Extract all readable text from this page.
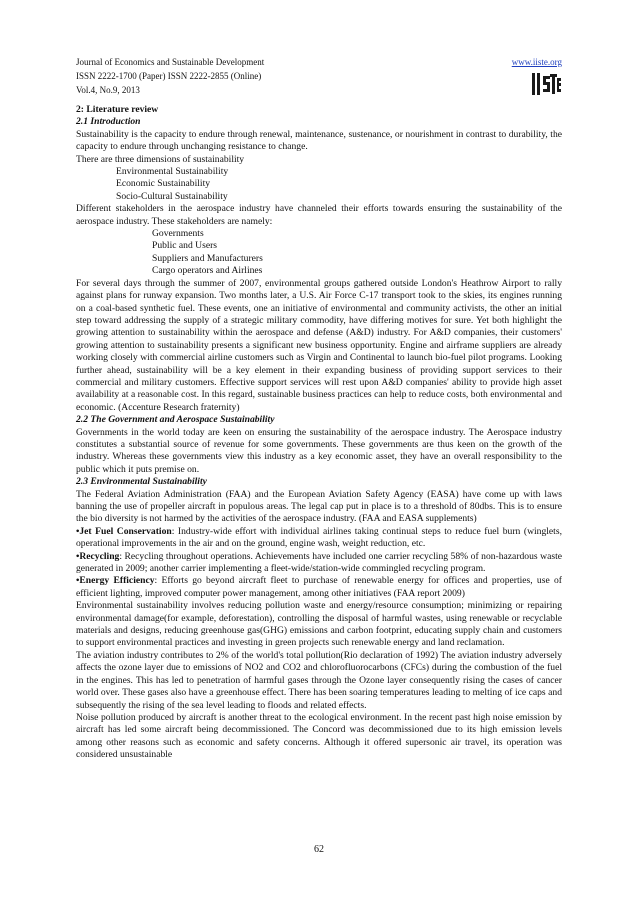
Journal of Economics and Sustainable Development
ISSN 2222-1700 (Paper) ISSN 2222-2855 (Online)
Vol.4, No.9, 2013
www.iiste.org

2: Literature review

2.1 Introduction

Sustainability is the capacity to endure through renewal, maintenance, sustenance, or nourishment in contrast to durability, the capacity to endure through unchanging resistance to change.

There are three dimensions of sustainability

Environmental Sustainability

Economic Sustainability

Socio-Cultural Sustainability

Different stakeholders in the aerospace industry have channeled their efforts towards ensuring the sustainability of the aerospace industry. These stakeholders are namely:

Governments

Public and Users

Suppliers and Manufacturers

Cargo operators and Airlines

For several days through the summer of 2007, environmental groups gathered outside London's Heathrow Airport to rally against plans for runway expansion. Two months later, a U.S. Air Force C-17 transport took to the skies, its engines running on a coal-based synthetic fuel. These events, one an initiative of environmental and community activists, the other an initial step toward addressing the supply of a strategic military commodity, have differing motives for sure. Yet both highlight the growing attention to sustainability within the aerospace and defense (A&D) industry. For A&D companies, their customers' growing attention to sustainability presents a significant new business opportunity. Engine and airframe suppliers are already working closely with commercial airline customers such as Virgin and Continental to launch bio-fuel pilot programs. Looking further ahead, sustainability will be a key element in their expanding business of providing support services to their commercial and military customers. Effective support services will rest upon A&D companies' ability to provide high asset availability at a reasonable cost. In this regard, sustainable business practices can help to reduce costs, both environmental and economic. (Accenture Research fraternity)

2.2 The Government and Aerospace Sustainability

Governments in the world today are keen on ensuring the sustainability of the aerospace industry. The Aerospace industry constitutes a substantial source of revenue for some governments. These governments are thus keen on the growth of the industry. Whereas these governments view this industry as a key economic asset, they have an overall responsibility to the public which it puts premise on.

2.3 Environmental Sustainability

The Federal Aviation Administration (FAA) and the European Aviation Safety Agency (EASA) have come up with laws banning the use of propeller aircraft in populous areas. The legal cap put in place is to a threshold of 80dbs. This is to ensure the bio diversity is not harmed by the activities of the aerospace industry. (FAA and EASA supplements)

•Jet Fuel Conservation: Industry-wide effort with individual airlines taking continual steps to reduce fuel burn (winglets, operational improvements in the air and on the ground, engine wash, weight reduction, etc.

•Recycling: Recycling throughout operations. Achievements have included one carrier recycling 58% of non-hazardous waste generated in 2009; another carrier implementing a fleet-wide/station-wide commingled recycling program.

•Energy Efficiency: Efforts go beyond aircraft fleet to purchase of renewable energy for offices and properties, use of efficient lighting, improved computer power management, among other initiatives (FAA report 2009)

Environmental sustainability involves reducing pollution waste and energy/resource consumption; minimizing or repairing environmental damage(for example, deforestation), controlling the disposal of harmful wastes, using renewable or recyclable materials and designs, reducing greenhouse gas(GHG) emissions and carbon footprint, educating supply chain and customers to support environmental practices and investing in green projects such renewable energy and land reclamation.

The aviation industry contributes to 2% of the world's total pollution(Rio declaration of 1992) The aviation industry adversely affects the ozone layer due to emissions of NO2 and CO2 and chlorofluorocarbons (CFCs) during the combustion of the fuel in the engines. This has led to penetration of harmful gases through the Ozone layer consequently rising the cases of cancer world over. These gases also have a greenhouse effect. There has been soaring temperatures leading to melting of ice caps and subsequently the rising of the sea level leading to floods and related effects.

Noise pollution produced by aircraft is another threat to the ecological environment. In the recent past high noise emission by aircraft has led some aircraft being decommissioned. The Concord was decommissioned due to its high emission levels among other reasons such as economic and safety concerns. Although it offered supersonic air travel, its operation was considered unsustainable

62
